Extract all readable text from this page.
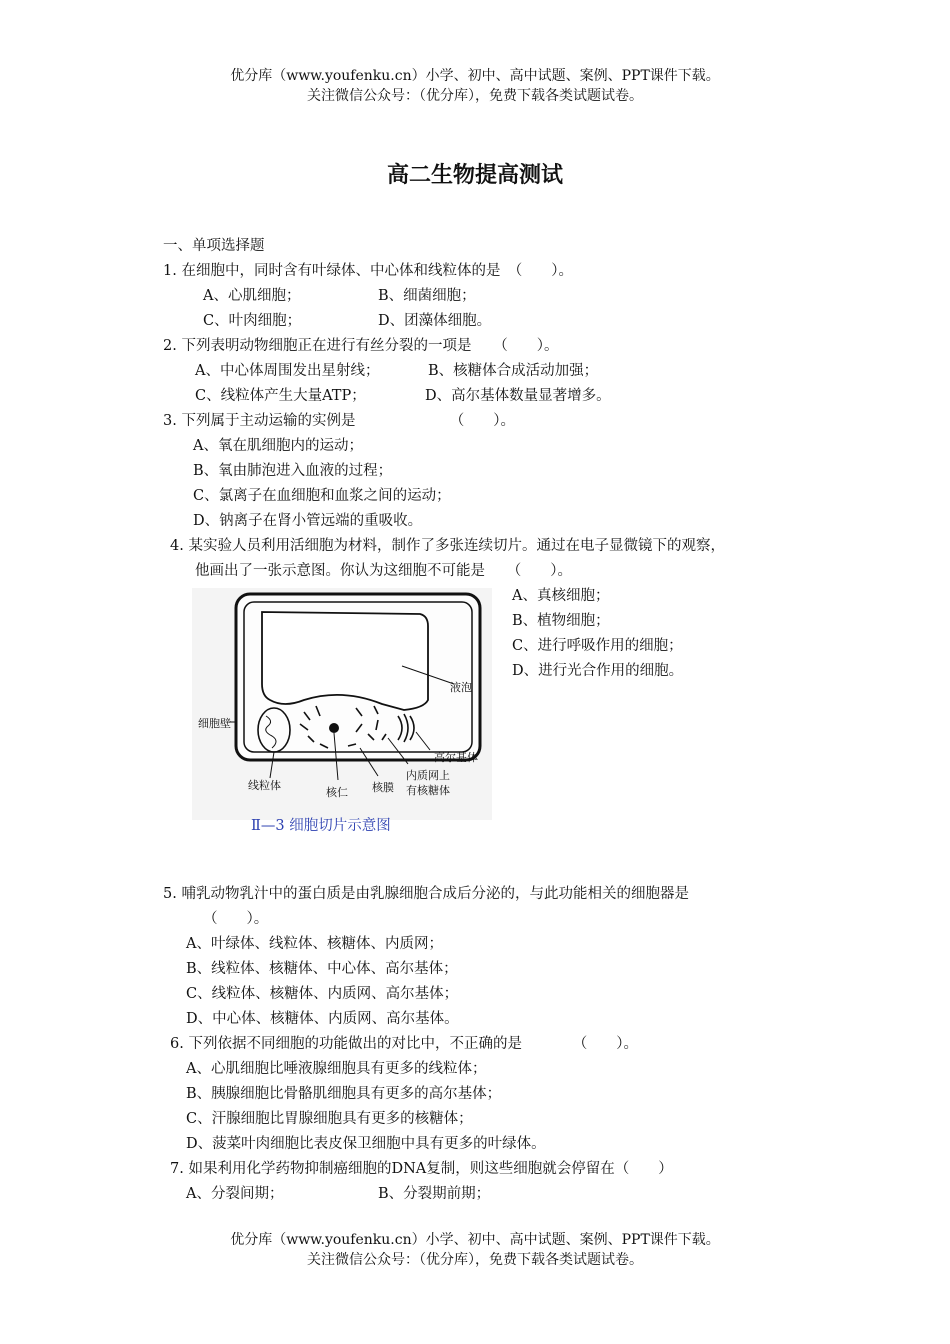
优分库（www.youfenku.cn）小学、初中、高中试题、案例、PPT课件下载。
关注微信公众号：（优分库），免费下载各类试题试卷。
高二生物提高测试
一、单项选择题
1. 在细胞中，同时含有叶绿体、中心体和线粒体的是　（　　）。
A、心肌细胞；	B、细菌细胞；
C、叶肉细胞；	D、团藻体细胞。
2. 下列表明动物细胞正在进行有丝分裂的一项是　　（　　）。
A、中心体周围发出星射线；	B、核糖体合成活动加强；
C、线粒体产生大量ATP；	D、高尔基体数量显著增多。
3. 下列属于主动运输的实例是　　　　　　　（　　）。
A、氧在肌细胞内的运动；
B、氧由肺泡进入血液的过程；
C、氯离子在血细胞和血浆之间的运动；
D、钠离子在肾小管远端的重吸收。
4. 某实验人员利用活细胞为材料，制作了多张连续切片。通过在电子显微镜下的观察，
他画出了一张示意图。你认为这细胞不可能是　　（　　）。
A、真核细胞；
B、植物细胞；
C、进行呼吸作用的细胞；
D、进行光合作用的细胞。
液泡
细胞壁
高尔基体
线粒体
核仁 核膜
内质网上
有核糖体
Ⅱ—3 细胞切片示意图
5. 哺乳动物乳汁中的蛋白质是由乳腺细胞合成后分泌的，与此功能相关的细胞器是
（　　）。
A、叶绿体、线粒体、核糖体、内质网；
B、线粒体、核糖体、中心体、高尔基体；
C、线粒体、核糖体、内质网、高尔基体；
D、中心体、核糖体、内质网、高尔基体。
6. 下列依据不同细胞的功能做出的对比中，不正确的是　　　　（　　）。
A、心肌细胞比唾液腺细胞具有更多的线粒体；
B、胰腺细胞比骨骼肌细胞具有更多的高尔基体；
C、汗腺细胞比胃腺细胞具有更多的核糖体；
D、菠菜叶肉细胞比表皮保卫细胞中具有更多的叶绿体。
7. 如果利用化学药物抑制癌细胞的DNA复制，则这些细胞就会停留在（　　）
A、分裂间期；	B、分裂期前期；
优分库（www.youfenku.cn）小学、初中、高中试题、案例、PPT课件下载。
关注微信公众号：（优分库），免费下载各类试题试卷。
